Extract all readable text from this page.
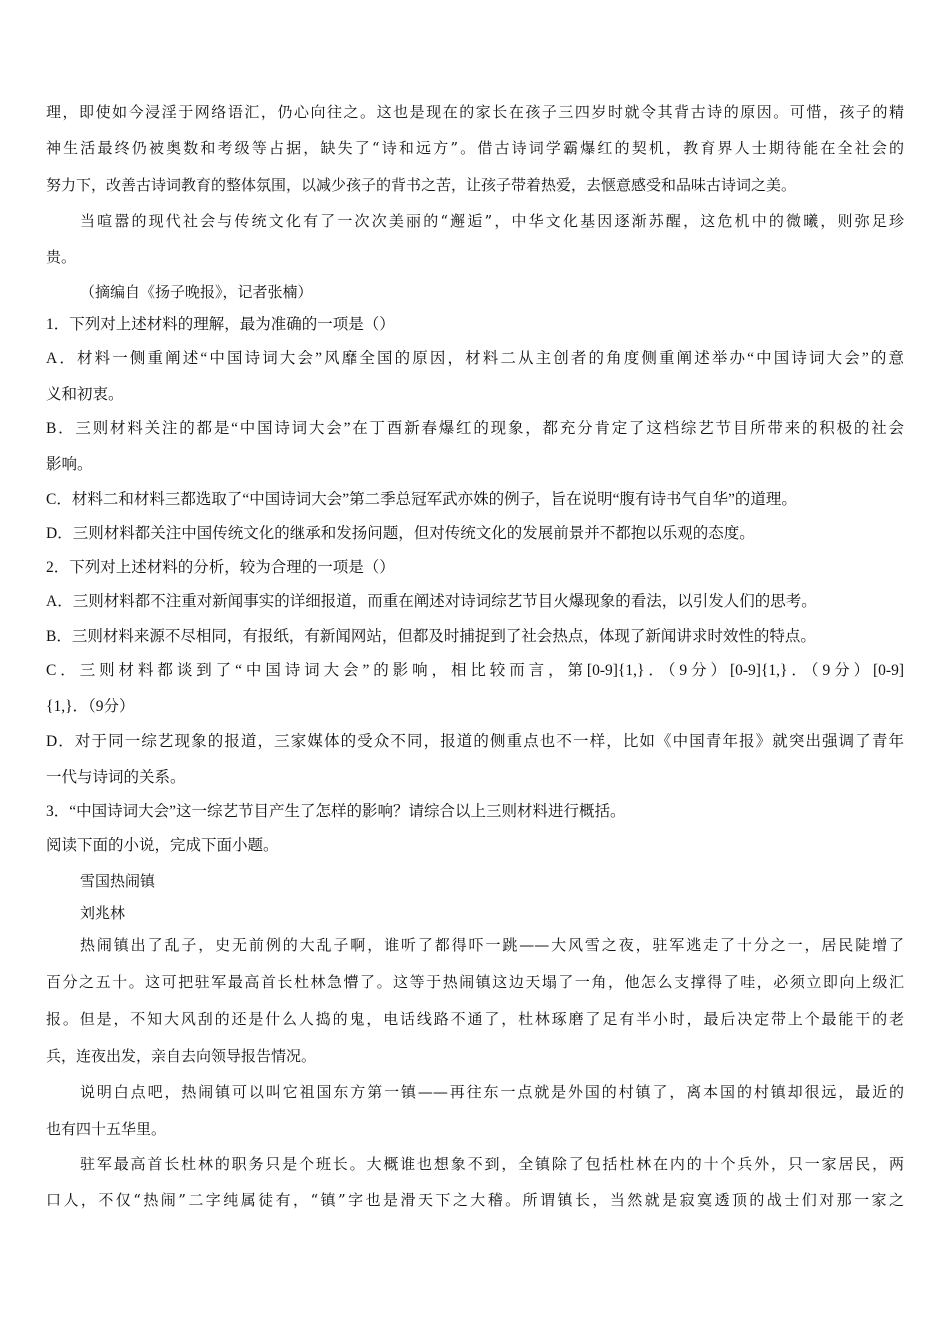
理，即使如今浸淫于网络语汇，仍心向往之。这也是现在的家长在孩子三四岁时就令其背古诗的原因。可惜，孩子的精
神生活最终仍被奥数和考级等占据，缺失了“诗和远方”。借古诗词学霸爆红的契机，教育界人士期待能在全社会的
努力下，改善古诗词教育的整体氛围，以减少孩子的背书之苦，让孩子带着热爱，去惬意感受和品味古诗词之美。
当喧嚣的现代社会与传统文化有了一次次美丽的“邂逅”，中华文化基因逐渐苏醒，这危机中的微曦，则弥足珍
贵。
（摘编自《扬子晚报》，记者张楠）
1．下列对上述材料的理解，最为准确的一项是（）
A．材料一侧重阐述“中国诗词大会”风靡全国的原因，材料二从主创者的角度侧重阐述举办“中国诗词大会”的意
义和初衷。
B．三则材料关注的都是“中国诗词大会”在丁酉新春爆红的现象，都充分肯定了这档综艺节目所带来的积极的社会
影响。
C．材料二和材料三都选取了“中国诗词大会”第二季总冠军武亦姝的例子，旨在说明“腹有诗书气自华”的道理。
D．三则材料都关注中国传统文化的继承和发扬问题，但对传统文化的发展前景并不都抱以乐观的态度。
2．下列对上述材料的分析，较为合理的一项是（）
A．三则材料都不注重对新闻事实的详细报道，而重在阐述对诗词综艺节目火爆现象的看法，以引发人们的思考。
B．三则材料来源不尽相同，有报纸，有新闻网站，但都及时捕捉到了社会热点，体现了新闻讲求时效性的特点。
C．三则材料都谈到了“中国诗词大会”的影响，相比较而言，第[0-9]{1,}．（9分）[0-9]{1,}．（9分）[0-9]
{1,}．（9分）
D．对于同一综艺现象的报道，三家媒体的受众不同，报道的侧重点也不一样，比如《中国青年报》就突出强调了青年
一代与诗词的关系。
3．“中国诗词大会”这一综艺节目产生了怎样的影响？请综合以上三则材料进行概括。
阅读下面的小说，完成下面小题。
雪国热闹镇
刘兆林
热闹镇出了乱子，史无前例的大乱子啊，谁听了都得吓一跳——大风雪之夜，驻军逃走了十分之一，居民陡增了
百分之五十。这可把驻军最高首长杜林急懵了。这等于热闹镇这边天塌了一角，他怎么支撑得了哇，必须立即向上级汇
报。但是，不知大风刮的还是什么人捣的鬼，电话线路不通了，杜林琢磨了足有半小时，最后决定带上个最能干的老
兵，连夜出发，亲自去向领导报告情况。
说明白点吧，热闹镇可以叫它祖国东方第一镇——再往东一点就是外国的村镇了，离本国的村镇却很远，最近的
也有四十五华里。
驻军最高首长杜林的职务只是个班长。大概谁也想象不到，全镇除了包括杜林在内的十个兵外，只一家居民，两
口人，不仅“热闹”二字纯属徒有，“镇”字也是滑天下之大稽。所谓镇长，当然就是寂寞透顶的战士们对那一家之
